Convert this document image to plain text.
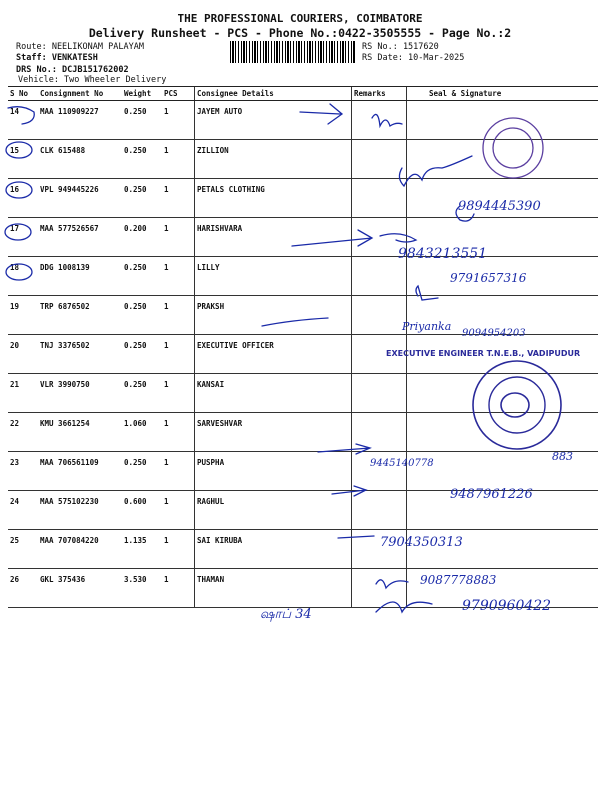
THE PROFESSIONAL COURIERS, COIMBATORE
Delivery Runsheet - PCS - Phone No.:0422-3505555 - Page No.:2
Route: NEELIKONAM PALAYAM
Staff: VENKATESH
DRS No.: DCJB151762002
Vehicle: Two Wheeler Delivery
RS No.: 1517620
RS Date: 10-Mar-2025
S No	Consignment No	Weight	PCS	Consignee Details	Remarks	Seal & Signature

14	MAA 110909227	0.250	1	JAYEM AUTO		

15	CLK 615488	0.250	1	ZILLION		

16	VPL 949445226	0.250	1	PETALS CLOTHING		

17	MAA 577526567	0.200	1	HARISHVARA		

18	DDG 1008139	0.250	1	LILLY		

19	TRP 6876502	0.250	1	PRAKSH		

20	TNJ 3376502	0.250	1	EXECUTIVE OFFICER		

21	VLR 3990750	0.250	1	KANSAI		

22	KMU 3661254	1.060	1	SARVESHVAR		

23	MAA 706561109	0.250	1	PUSPHA		

24	MAA 575102230	0.600	1	RAGHUL		

25	MAA 707084220	1.135	1	SAI KIRUBA		

26	GKL 375436	3.530	1	THAMAN		

9894445390
9843213551
9791657316
Priyanka
9094954203
EXECUTIVE ENGINEER T.N.E.B., VADIPUDUR
9445140778
883
9487961226
7904350313
9087778883
9790960422
ஷாப் 34
